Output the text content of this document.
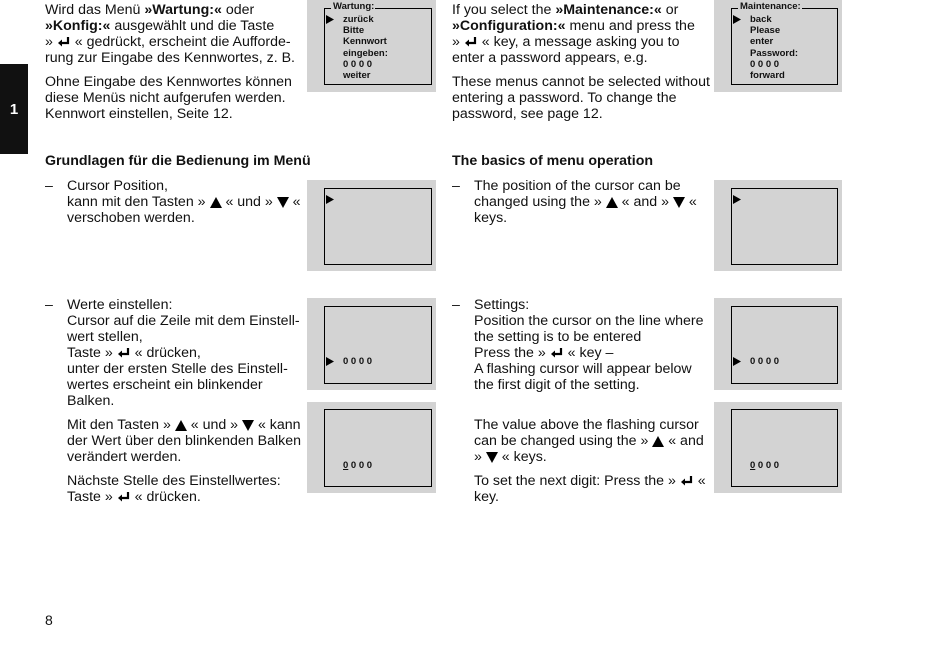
1

Wird das Menü »Wartung:« oder

»Konfig:« ausgewählt und die Taste

»  « gedrückt, erscheint die Aufforde-

rung zur Eingabe des Kennwortes, z. B.

Ohne Eingabe des Kennwortes können

diese Menüs nicht aufgerufen werden.

Kennwort einstellen, Seite 12.

Grundlagen für die Bedienung im Menü
– Cursor Position,

kann mit den Tasten »  « und »  «

verschoben werden.

– Werte einstellen:

Cursor auf die Zeile mit dem Einstell-

wert stellen,

Taste »  « drücken,

unter der ersten Stelle des Einstell-

wertes erscheint ein blinkender

Balken.

Mit den Tasten »  « und »  « kann

der Wert über den blinkenden Balken

verändert werden.

Nächste Stelle des Einstellwertes:

Taste »  « drücken.

Wartung:
zurück
Bitte
Kennwort
eingeben:
0 0 0 0
weiter
0 0 0 0
0 0 0 0

If you select the »Maintenance:« or

»Configuration:« menu and press the

»  « key, a message asking you to

enter a password appears, e.g.

These menus cannot be selected without

entering a password. To change the

password, see page 12.

The basics of menu operation
– The position of the cursor can be

changed using the »  « and »  «

keys.

– Settings:

Position the cursor on the line where

the setting is to be entered

Press the »  « key –

A flashing cursor will appear below

the first digit of the setting.

The value above the flashing cursor

can be changed using the »  « and

»  « keys.

To set the next digit: Press the »  «

key.

Maintenance:
back
Please
enter
Password:
0 0 0 0
forward
0 0 0 0
0 0 0 0
8
